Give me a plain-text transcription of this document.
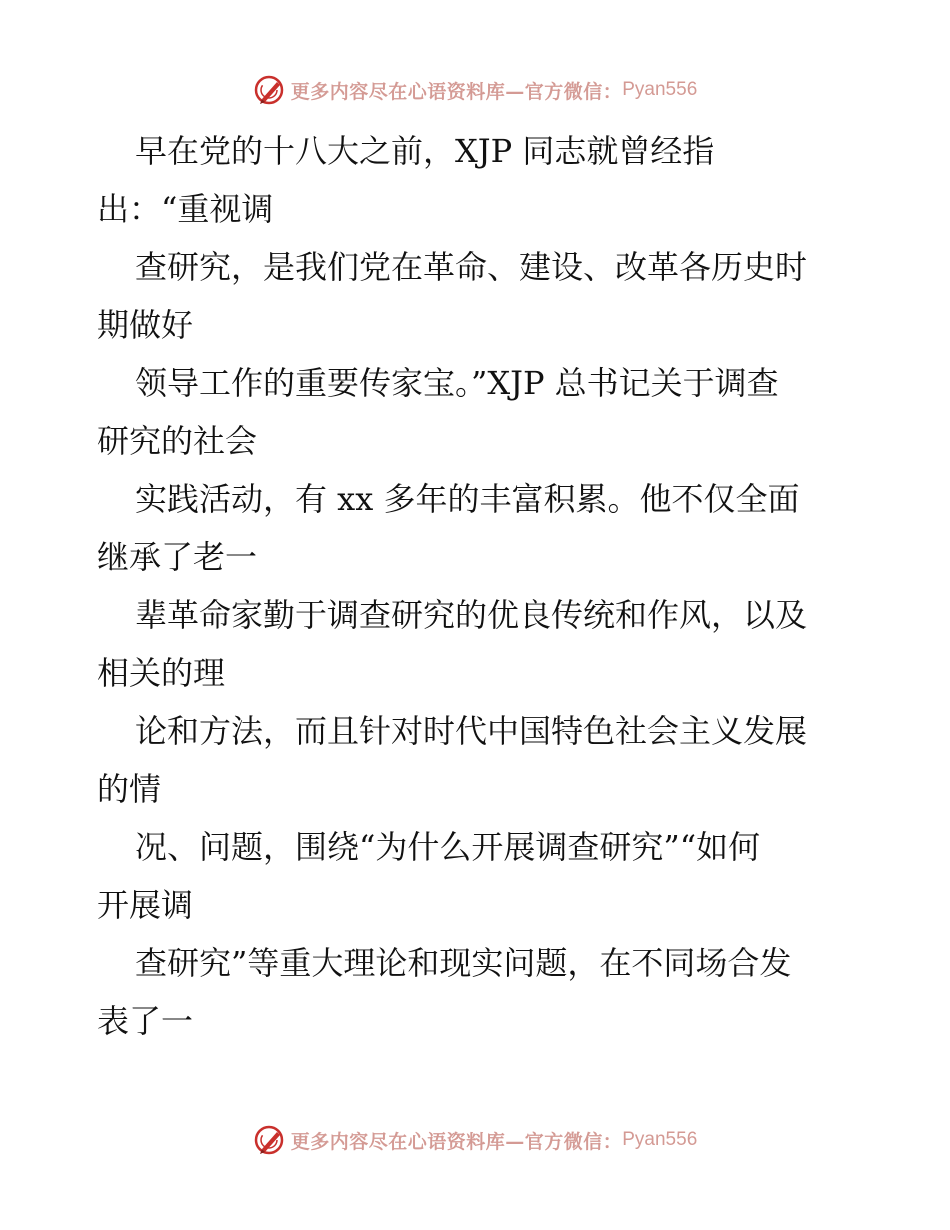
更多内容尽在心语资料库—官方微信： Pyan556
早在党的十八大之前，XJP 同志就曾经指
出：“重视调
查研究，是我们党在革命、建设、改革各历史时
期做好
领导工作的重要传家宝。”XJP 总书记关于调查
研究的社会
实践活动，有 xx 多年的丰富积累。他不仅全面
继承了老一
辈革命家勤于调查研究的优良传统和作风，以及
相关的理
论和方法，而且针对时代中国特色社会主义发展
的情
况、问题，围绕“为什么开展调查研究”“如何
开展调
查研究”等重大理论和现实问题，在不同场合发
表了一
更多内容尽在心语资料库—官方微信： Pyan556
